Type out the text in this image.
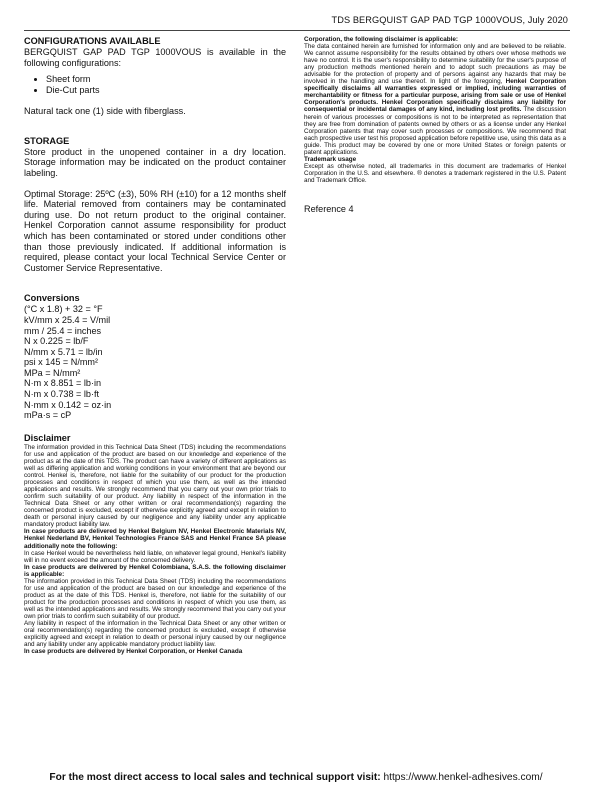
TDS BERGQUIST GAP PAD TGP 1000VOUS, July 2020
CONFIGURATIONS AVAILABLE

BERGQUIST GAP PAD TGP 1000VOUS is available in the following configurations:

• Sheet form
• Die-Cut parts

Natural tack one (1) side with fiberglass.

STORAGE

Store product in the unopened container in a dry location. Storage information may be indicated on the product container labeling.

Optimal Storage: 25ºC (±3), 50% RH (±10) for a 12 months shelf life. Material removed from containers may be contaminated during use. Do not return product to the original container. Henkel Corporation cannot assume responsibility for product which has been contaminated or stored under conditions other than those previously indicated. If additional information is required, please contact your local Technical Service Center or Customer Service Representative.

Conversions
(°C x 1.8) + 32 = °F
kV/mm x 25.4 = V/mil
mm / 25.4 = inches
N x 0.225 = lb/F
N/mm x 5.71 = lb/in
psi x 145 = N/mm²
MPa = N/mm²
N·m x 8.851 = lb·in
N·m x 0.738 = lb·ft
N·mm x 0.142 = oz·in
mPa·s = cP
Disclaimer

The information provided in this Technical Data Sheet (TDS) including the recommendations for use and application of the product are based on our knowledge and experience of the product as at the date of this TDS. The product can have a variety of different applications as well as differing application and working conditions in your environment that are beyond our control. Henkel is, therefore, not liable for the suitability of our product for the production processes and conditions in respect of which you use them, as well as the intended applications and results. We strongly recommend that you carry out your own prior trials to confirm such suitability of our product. Any liability in respect of the information in the Technical Data Sheet or any other written or oral recommendation(s) regarding the concerned product is excluded, except if otherwise explicitly agreed and except in relation to death or personal injury caused by our negligence and any liability under any applicable mandatory product liability law.

In case products are delivered by Henkel Belgium NV, Henkel Electronic Materials NV, Henkel Nederland BV, Henkel Technologies France SAS and Henkel France SA please additionally note the following:

In case Henkel would be nevertheless held liable, on whatever legal ground, Henkel's liability will in no event exceed the amount of the concerned delivery.

In case products are delivered by Henkel Colombiana, S.A.S. the following disclaimer is applicable:

The information provided in this Technical Data Sheet (TDS) including the recommendations for use and application of the product are based on our knowledge and experience of the product as at the date of this TDS. Henkel is, therefore, not liable for the suitability of our product for the production processes and conditions in respect of which you use them, as well as the intended applications and results. We strongly recommend that you carry out your own prior trials to confirm such suitability of our product.

Any liability in respect of the information in the Technical Data Sheet or any other written or oral recommendation(s) regarding the concerned product is excluded, except if otherwise explicitly agreed and except in relation to death or personal injury caused by our negligence and any liability under any applicable mandatory product liability law.

In case products are delivered by Henkel Corporation, or Henkel Canada

Corporation, the following disclaimer is applicable:

The data contained herein are furnished for information only and are believed to be reliable. We cannot assume responsibility for the results obtained by others over whose methods we have no control. It is the user's responsibility to determine suitability for the user's purpose of any production methods mentioned herein and to adopt such precautions as may be advisable for the protection of property and of persons against any hazards that may be involved in the handling and use thereof. In light of the foregoing, Henkel Corporation specifically disclaims all warranties expressed or implied, including warranties of merchantability or fitness for a particular purpose, arising from sale or use of Henkel Corporation's products. Henkel Corporation specifically disclaims any liability for consequential or incidental damages of any kind, including lost profits. The discussion herein of various processes or compositions is not to be interpreted as representation that they are free from domination of patents owned by others or as a license under any Henkel Corporation patents that may cover such processes or compositions. We recommend that each prospective user test his proposed application before repetitive use, using this data as a guide. This product may be covered by one or more United States or foreign patents or patent applications.

Trademark usage

Except as otherwise noted, all trademarks in this document are trademarks of Henkel Corporation in the U.S. and elsewhere. ® denotes a trademark registered in the U.S. Patent and Trademark Office.

Reference 4

For the most direct access to local sales and technical support visit: https://www.henkel-adhesives.com/
